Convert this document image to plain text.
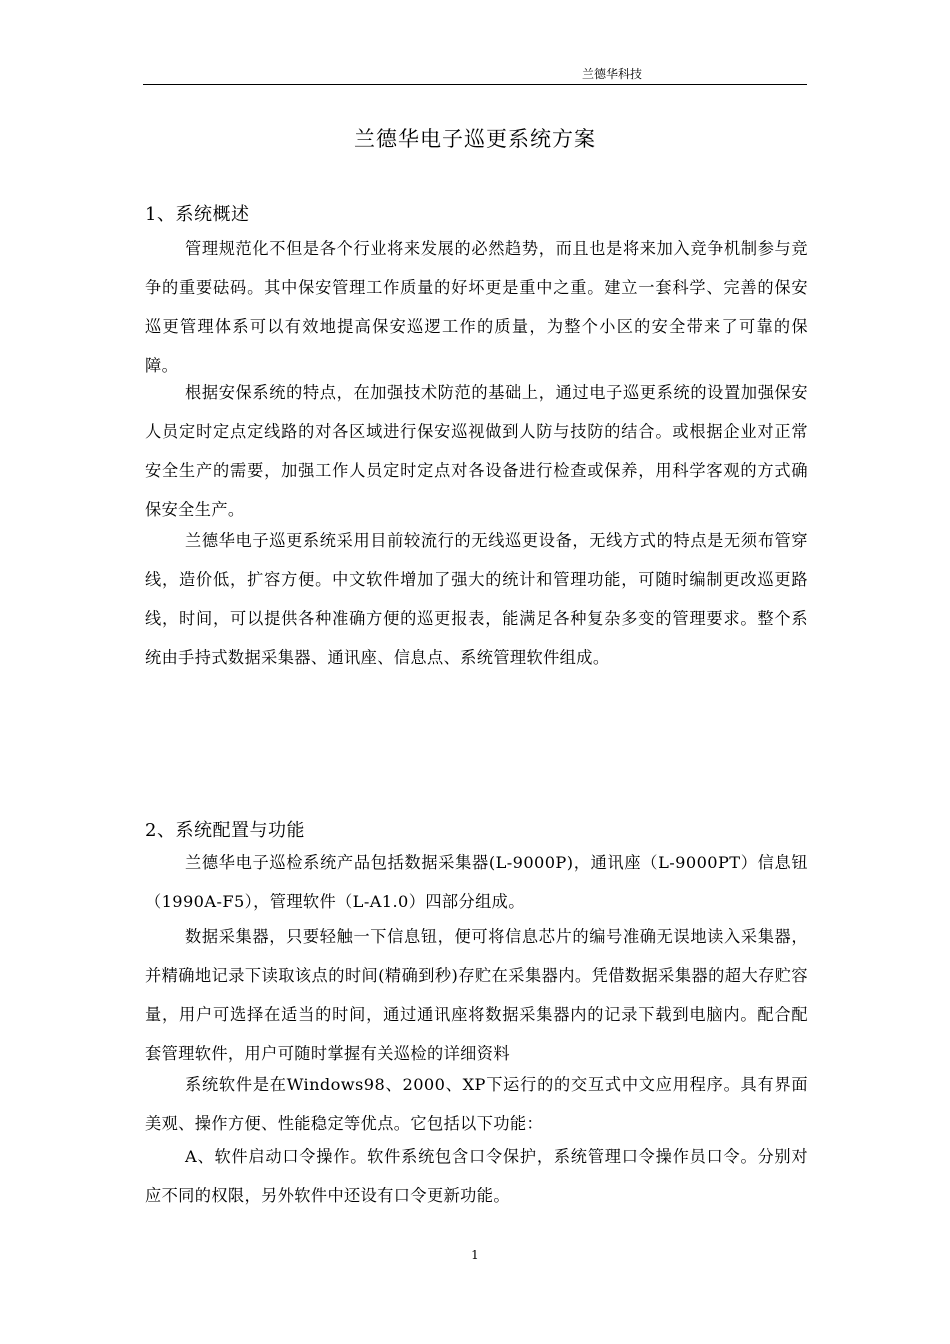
兰德华科技
兰德华电子巡更系统方案
1、系统概述
管理规范化不但是各个行业将来发展的必然趋势，而且也是将来加入竞争机制参与竞争的重要砝码。其中保安管理工作质量的好坏更是重中之重。建立一套科学、完善的保安巡更管理体系可以有效地提高保安巡逻工作的质量，为整个小区的安全带来了可靠的保障。
根据安保系统的特点，在加强技术防范的基础上，通过电子巡更系统的设置加强保安人员定时定点定线路的对各区域进行保安巡视做到人防与技防的结合。或根据企业对正常安全生产的需要，加强工作人员定时定点对各设备进行检查或保养，用科学客观的方式确保安全生产。
兰德华电子巡更系统采用目前较流行的无线巡更设备，无线方式的特点是无须布管穿线，造价低，扩容方便。中文软件增加了强大的统计和管理功能，可随时编制更改巡更路线，时间，可以提供各种准确方便的巡更报表，能满足各种复杂多变的管理要求。整个系统由手持式数据采集器、通讯座、信息点、系统管理软件组成。
2、系统配置与功能
兰德华电子巡检系统产品包括数据采集器(L-9000P)，通讯座（L-9000PT）信息钮（1990A-F5），管理软件（L-A1.0）四部分组成。
数据采集器，只要轻触一下信息钮，便可将信息芯片的编号准确无误地读入采集器，并精确地记录下读取该点的时间(精确到秒)存贮在采集器内。凭借数据采集器的超大存贮容量，用户可选择在适当的时间，通过通讯座将数据采集器内的记录下载到电脑内。配合配套管理软件，用户可随时掌握有关巡检的详细资料
系统软件是在Windows98、2000、XP下运行的的交互式中文应用程序。具有界面美观、操作方便、性能稳定等优点。它包括以下功能：
A、软件启动口令操作。软件系统包含口令保护，系统管理口令操作员口令。分别对应不同的权限，另外软件中还设有口令更新功能。
1
